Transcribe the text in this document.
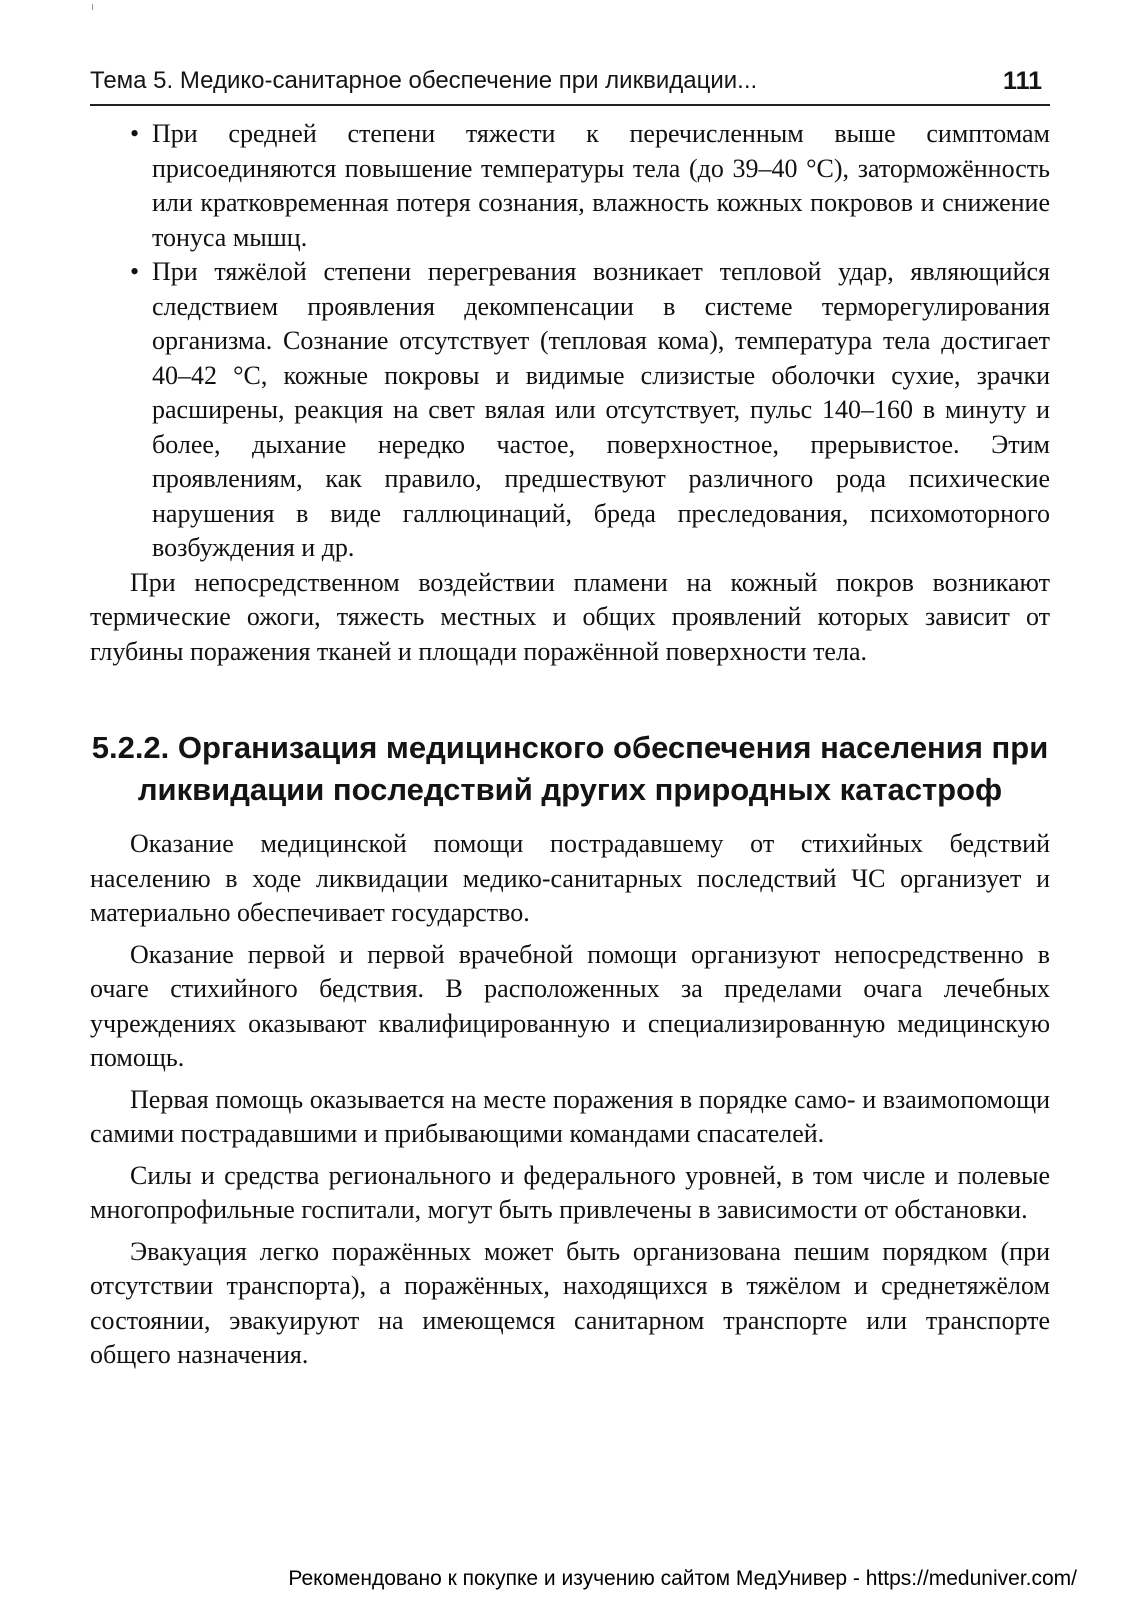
Тема 5. Медико-санитарное обеспечение при ликвидации...	111
• При средней степени тяжести к перечисленным выше симптомам присоединяются повышение температуры тела (до 39–40 °С), заторможённость или кратковременная потеря сознания, влажность кожных покровов и снижение тонуса мышц.
• При тяжёлой степени перегревания возникает тепловой удар, являющийся следствием проявления декомпенсации в системе терморегулирования организма. Сознание отсутствует (тепловая кома), температура тела достигает 40–42 °С, кожные покровы и видимые слизистые оболочки сухие, зрачки расширены, реакция на свет вялая или отсутствует, пульс 140–160 в минуту и более, дыхание нередко частое, поверхностное, прерывистое. Этим проявлениям, как правило, предшествуют различного рода психические нарушения в виде галлюцинаций, бреда преследования, психомоторного возбуждения и др.

При непосредственном воздействии пламени на кожный покров возникают термические ожоги, тяжесть местных и общих проявлений которых зависит от глубины поражения тканей и площади поражённой поверхности тела.

5.2.2. Организация медицинского обеспечения населения при ликвидации последствий других природных катастроф

Оказание медицинской помощи пострадавшему от стихийных бедствий населению в ходе ликвидации медико-санитарных последствий ЧС организует и материально обеспечивает государство.

Оказание первой и первой врачебной помощи организуют непосредственно в очаге стихийного бедствия. В расположенных за пределами очага лечебных учреждениях оказывают квалифицированную и специализированную медицинскую помощь.

Первая помощь оказывается на месте поражения в порядке само- и взаимопомощи самими пострадавшими и прибывающими командами спасателей.

Силы и средства регионального и федерального уровней, в том числе и полевые многопрофильные госпитали, могут быть привлечены в зависимости от обстановки.

Эвакуация легко поражённых может быть организована пешим порядком (при отсутствии транспорта), а поражённых, находящихся в тяжёлом и среднетяжёлом состоянии, эвакуируют на имеющемся санитарном транспорте или транспорте общего назначения.

Рекомендовано к покупке и изучению сайтом МедУнивер - https://meduniver.com/
